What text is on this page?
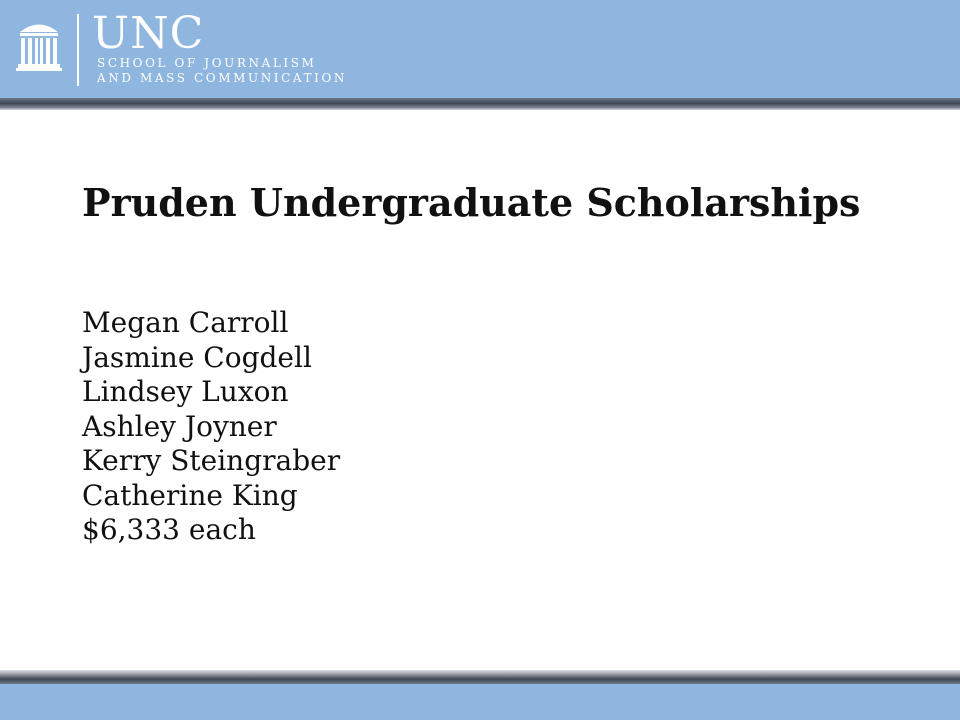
UNC
SCHOOL OF JOURNALISM
AND MASS COMMUNICATION
Pruden Undergraduate Scholarships
Megan Carroll
Jasmine Cogdell
Lindsey Luxon
Ashley Joyner
Kerry Steingraber
Catherine King
$6,333 each
